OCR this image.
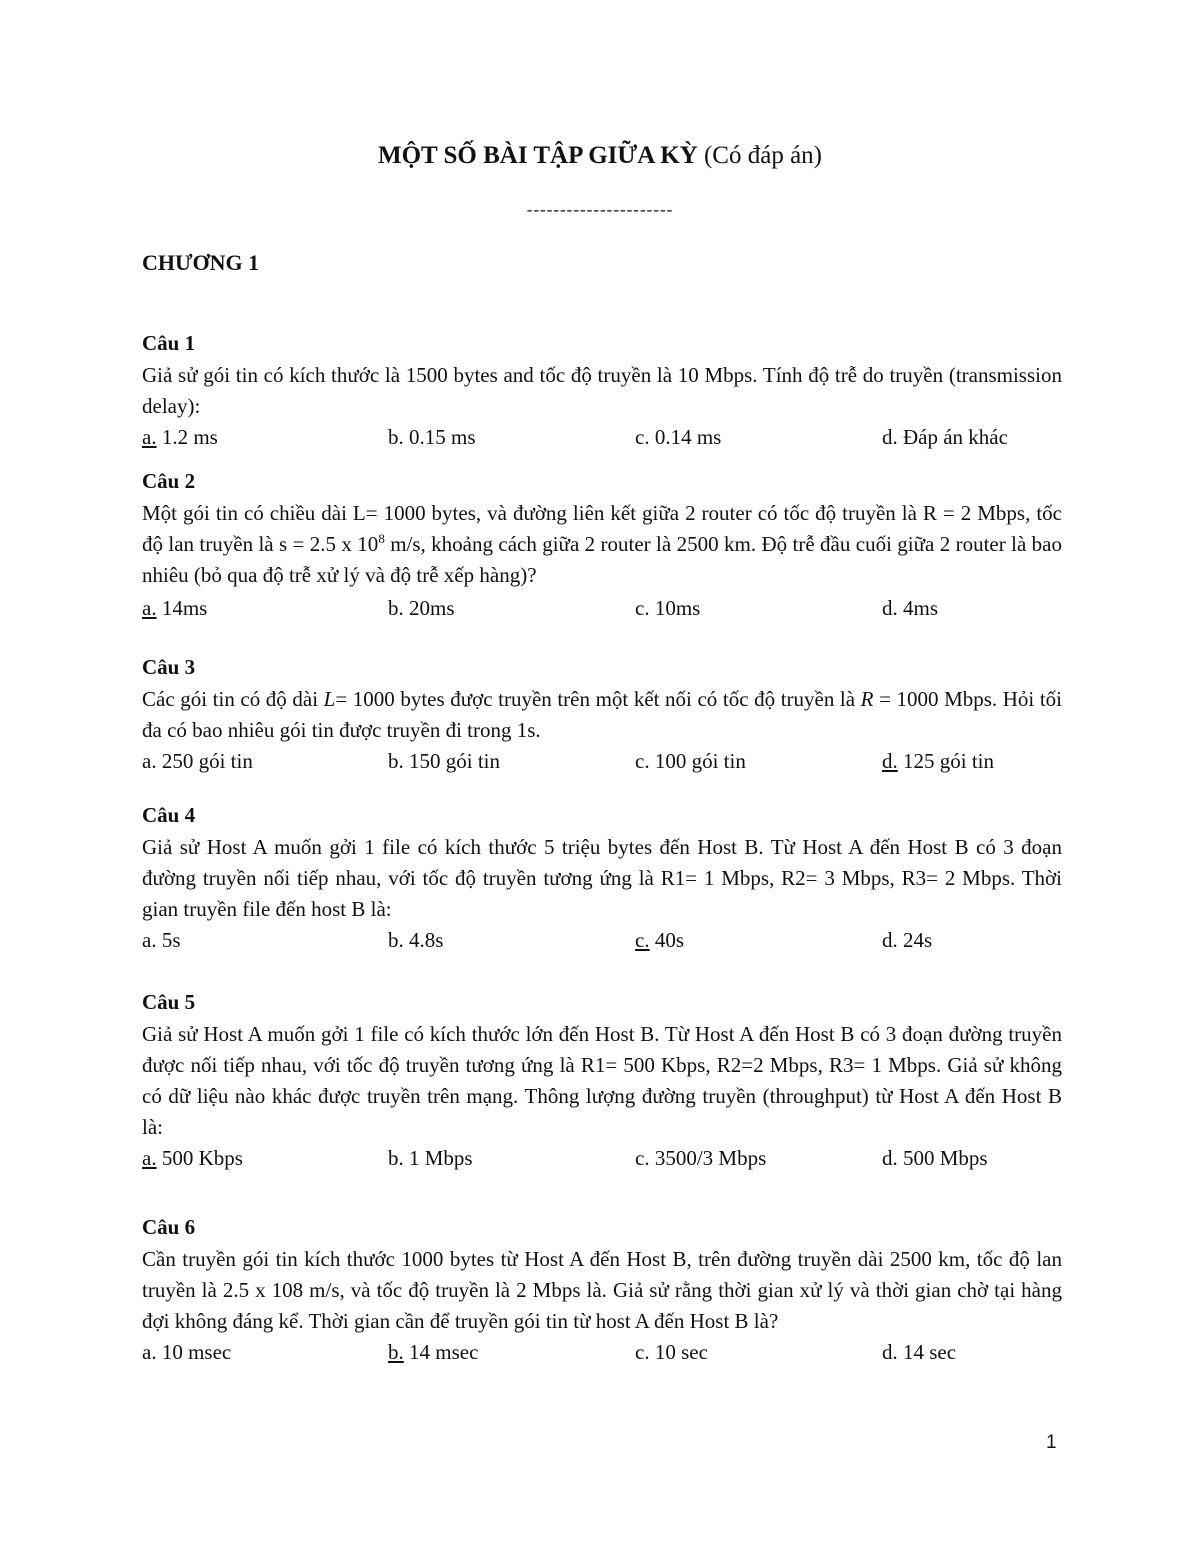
MỘT SỐ BÀI TẬP GIỮA KỲ (Có đáp án)
----------------------
CHƯƠNG 1
Câu 1
Giả sử gói tin có kích thước là 1500 bytes and tốc độ truyền là 10 Mbps. Tính độ trễ do truyền (transmission delay):
a. 1.2 ms	b. 0.15 ms	c. 0.14 ms	d. Đáp án khác
Câu 2
Một gói tin có chiều dài L= 1000 bytes, và đường liên kết giữa 2 router có tốc độ truyền là R = 2 Mbps, tốc độ lan truyền là s = 2.5 x $10^8$ m/s, khoảng cách giữa 2 router là 2500 km. Độ trễ đầu cuối giữa 2 router là bao nhiêu (bỏ qua độ trễ xử lý và độ trễ xếp hàng)?
a. 14ms	b. 20ms	c. 10ms	d. 4ms
Câu 3
Các gói tin có độ dài L= 1000 bytes được truyền trên một kết nối có tốc độ truyền là R = 1000 Mbps. Hỏi tối đa có bao nhiêu gói tin được truyền đi trong 1s.
a. 250 gói tin	b. 150 gói tin	c. 100 gói tin	d. 125 gói tin
Câu 4
Giả sử Host A muốn gởi 1 file có kích thước 5 triệu bytes đến Host B. Từ Host A đến Host B có 3 đoạn đường truyền nối tiếp nhau, với tốc độ truyền tương ứng là R1= 1 Mbps, R2= 3 Mbps, R3= 2 Mbps. Thời gian truyền file đến host B là:
a. 5s	b. 4.8s	c. 40s	d. 24s
Câu 5
Giả sử Host A muốn gởi 1 file có kích thước lớn đến Host B. Từ Host A đến Host B có 3 đoạn đường truyền được nối tiếp nhau, với tốc độ truyền tương ứng là R1= 500 Kbps, R2=2 Mbps, R3= 1 Mbps. Giả sử không có dữ liệu nào khác được truyền trên mạng. Thông lượng đường truyền (throughput) từ Host A đến Host B là:
a. 500 Kbps	b. 1 Mbps	c. 3500/3 Mbps	d. 500 Mbps
Câu 6
Cần truyền gói tin kích thước 1000 bytes từ Host A đến Host B, trên đường truyền dài 2500 km, tốc độ lan truyền là 2.5 x 108 m/s, và tốc độ truyền là 2 Mbps là. Giả sử rằng thời gian xử lý và thời gian chờ tại hàng đợi không đáng kể. Thời gian cần để truyền gói tin từ host A đến Host B là?
a. 10 msec	b. 14 msec	c. 10 sec	d. 14 sec
1
